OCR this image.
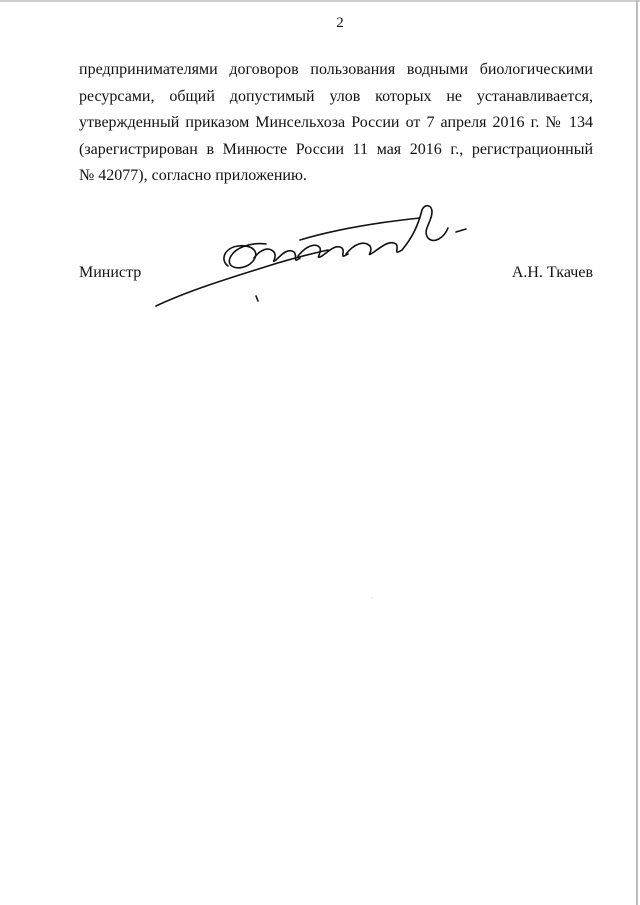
2
предпринимателями договоров пользования водными биологическими
ресурсами, общий допустимый улов которых не устанавливается,
утвержденный приказом Минсельхоза России от 7 апреля 2016 г. № 134
(зарегистрирован в Минюсте России 11 мая 2016 г., регистрационный
№ 42077), согласно приложению.
Министр	А.Н. Ткачев
